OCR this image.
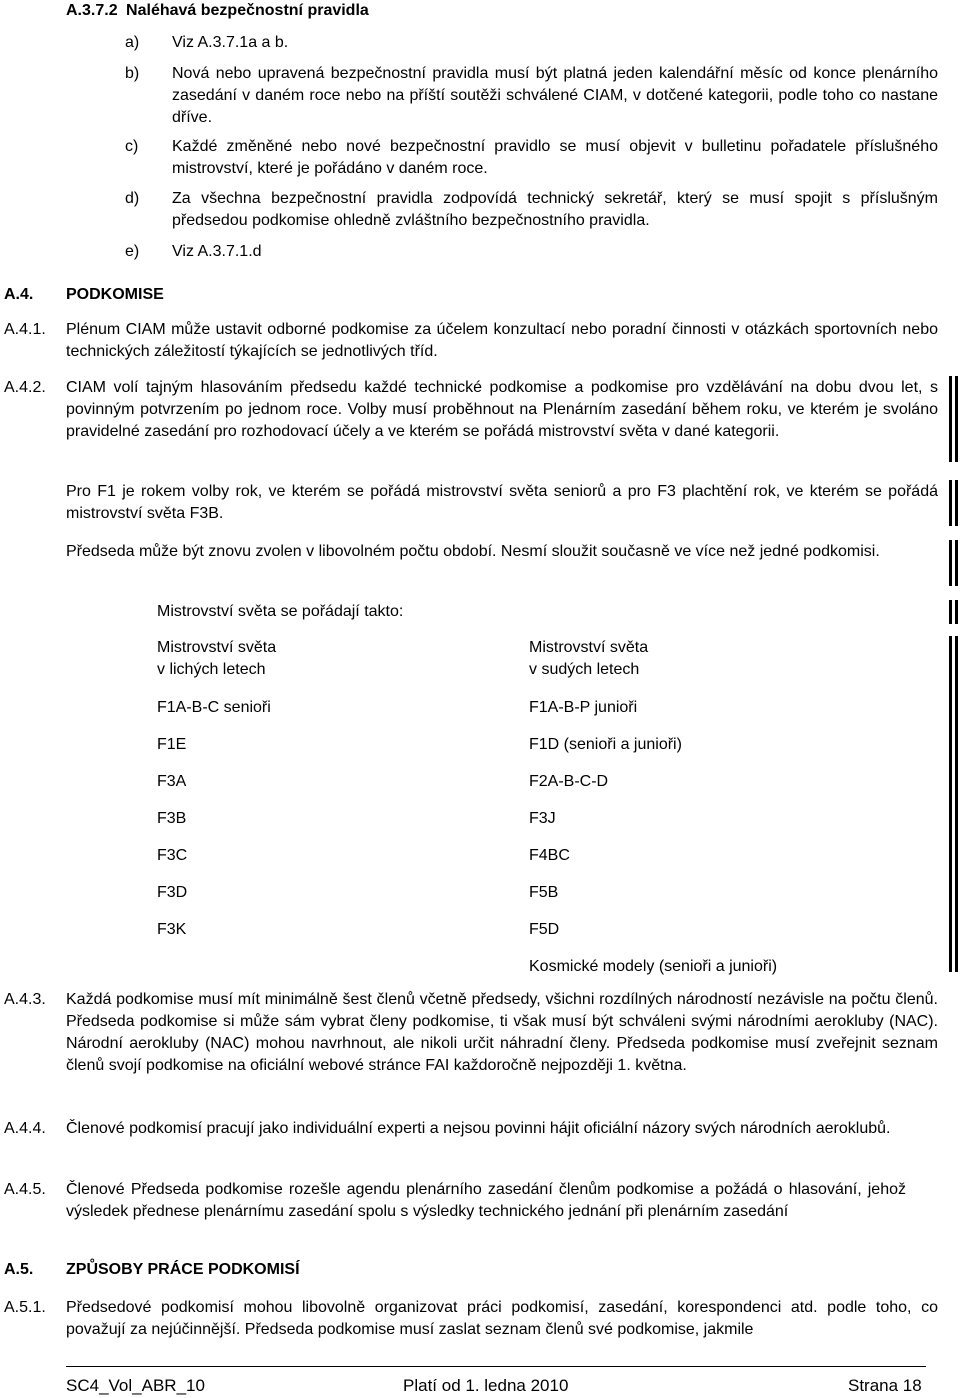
A.3.7.2 Naléhavá bezpečnostní pravidla
a) Viz A.3.7.1a a b.
b) Nová nebo upravená bezpečnostní pravidla musí být platná jeden kalendářní měsíc od konce plenárního zasedání v daném roce nebo na příští soutěži schválené CIAM, v dotčené kategorii, podle toho co nastane dříve.
c) Každé změněné nebo nové bezpečnostní pravidlo se musí objevit v bulletinu pořadatele příslušného mistrovství, které je pořádáno v daném roce.
d) Za všechna bezpečnostní pravidla zodpovídá technický sekretář, který se musí spojit s příslušným předsedou podkomise ohledně zvláštního bezpečnostního pravidla.
e) Viz A.3.7.1.d
A.4. PODKOMISE
A.4.1. Plénum CIAM může ustavit odborné podkomise za účelem konzultací nebo poradní činnosti v otázkách sportovních nebo technických záležitostí týkajících se jednotlivých tříd.
A.4.2. CIAM volí tajným hlasováním předsedu každé technické podkomise a podkomise pro vzdělávání na dobu dvou let, s povinným potvrzením po jednom roce. Volby musí proběhnout na Plenárním zasedání během roku, ve kterém je svoláno pravidelné zasedání pro rozhodovací účely a ve kterém se pořádá mistrovství světa v dané kategorii.
Pro F1 je rokem volby rok, ve kterém se pořádá mistrovství světa seniorů a pro F3 plachtění rok, ve kterém se pořádá mistrovství světa F3B.
Předseda může být znovu zvolen v libovolném počtu období. Nesmí sloužit současně ve více než jedné podkomisi.
Mistrovství světa se pořádají takto:
Mistrovství světa
v lichých letech
Mistrovství světa
v sudých letech
F1A-B-C senioři
F1E
F3A
F3B
F3C
F3D
F3K
F1A-B-P junioři
F1D (senioři a junioři)
F2A-B-C-D
F3J
F4BC
F5B
F5D
Kosmické modely (senioři a junioři)
A.4.3. Každá podkomise musí mít minimálně šest členů včetně předsedy, všichni rozdílných národností nezávisle na počtu členů. Předseda podkomise si může sám vybrat členy podkomise, ti však musí být schváleni svými národními aerokluby (NAC). Národní aerokluby (NAC) mohou navrhnout, ale nikoli určit náhradní členy. Předseda podkomise musí zveřejnit seznam členů svojí podkomise na oficiální webové stránce FAI každoročně nejpozději 1. května.
A.4.4. Členové podkomisí pracují jako individuální experti a nejsou povinni hájit oficiální názory svých národních aeroklubů.
A.4.5. Členové Předseda podkomise rozešle agendu plenárního zasedání členům podkomise a požádá o hlasování, jehož výsledek přednese plenárnímu zasedání spolu s výsledky technického jednání při plenárním zasedání
A.5. ZPŮSOBY PRÁCE PODKOMISÍ
A.5.1. Předsedové podkomisí mohou libovolně organizovat práci podkomisí, zasedání, korespondenci atd. podle toho, co považují za nejúčinnější. Předseda podkomise musí zaslat seznam členů své podkomise, jakmile
SC4_Vol_ABR_10	Platí od 1. ledna 2010	Strana 18
